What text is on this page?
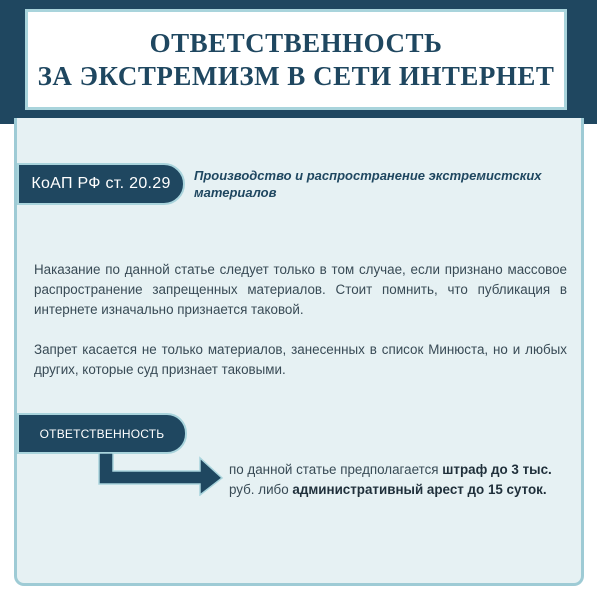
ОТВЕТСТВЕННОСТЬ
ЗА ЭКСТРЕМИЗМ В СЕТИ ИНТЕРНЕТ
КоАП РФ ст. 20.29 Производство и распространение экстремистских материалов
Наказание по данной статье следует только в том случае, если признано массовое распространение запрещенных материалов. Стоит помнить, что публикация в интернете изначально признается таковой.
Запрет касается не только материалов, занесенных в список Минюста, но и любых других, которые суд признает таковыми.
ОТВЕТСТВЕННОСТЬ
по данной статье предполагается штраф до 3 тыс. руб. либо административный арест до 15 суток.
